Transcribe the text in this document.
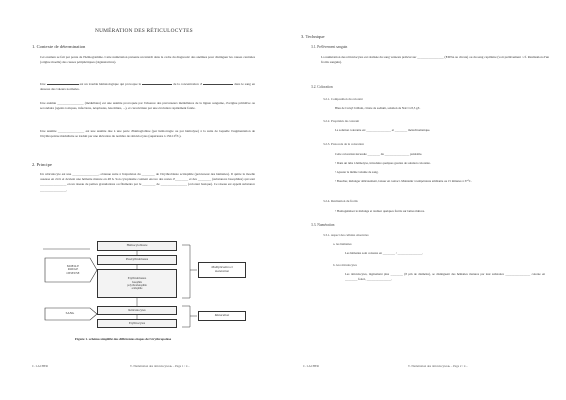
NUMÉRATION DES RÉTICULOCYTES
1. Contexte de détermination
Cet examen se fait par ponte de l'hémogramme. Cette numération présente un intérêt dans le cadre du diagnostic des anémies pour distinguer les causes centrales (origine moelle) des causes périphériques (régénératives).
Une	est un trouble hématologique qui provoque la	de la concentration d'	dans le sang en dessous des valeurs normales.
Une anémie ________________ (médullaire) est une anémie provoquée par l'absence des précurseurs médullaires de la lignée sanguine, d'origine primitive ou secondaire (agents toxiques, infections, néoplasies, leucémies, ...), et caractérisée par une évolution rapidement fatale.
Une anémie ________________ est une anémie due à une perte d'hémoglobine (par hémorragie ou par hémolyse) à la suite de laquelle l'augmentation de l'érythropoïèse médullaire se traduit par une élévation du nombre de réticulocytes (supérieure à 150.10⁹/L).
2. Principe
Un réticulocyte est une ________________, obtenue suite à l'expulsion du ________ de l'érythroblaste acidophile (précurseur des hématies). Il quitte la moelle osseuse en 24 h et devient une hématie mature en 48 h. Son cytoplasme contient encore des restes d'________ et des ________ (substances basophiles) qui sont ________________ en un réseau de petites granulations ou filaments par le ________ de ________________ (colorant basique). Ce réseau est appelé substance ________________.
MOELLE
ROUGE
OSSEUSE
SANG
Hémocytoblaste
Proérythroblastes
Erythroblastes
basophile
polychromatophile
acidophile
Réticulocytes
Erythrocytes
Multiplication et
maturation
Maturation
Figure 1. schéma simplifié des différentes étapes de l'érythropoïèse
C. LACHER	T- Numération des réticulocytes ▸ – Page 1 / 4 –
3. Technique
3.1. Prélèvement sanguin
La numération des réticulocytes est réalisée du sang veineux prélevé sur ________________ (EDTA ou citrate) ou du sang capillaire (voir prélèvement : cf. Réalisation d'un frottis sanguin).
3.2. Coloration
3.2.1. Composition du colorant
Bleu de Crésyl brillant, citrate de sodium, solution de NaCl à 8,5 g/L
3.2.2. Propriétés du colorant
La solution colorante est ________________ et ________ métachromatique.
3.2.3. Protocole de la coloration
Cette coloration nécessite ________ du ________________ préalable.
• Dans un tube à hémolyse, introduire quelques gouttes de solution colorante.
• Ajouter le même volume de sang.
• Boucher, mélanger délicatement, laisser en contact. Maintenir à température ambiante ou 15 minutes à 37°C.
3.2.4. Réalisation du frottis
• Homogénéiser le mélange et réaliser quelques frottis sur lames minces.
3.3. Numération
3.3.1. Aspect des cellules observées
a. les hématies
Les hématies sont colorées en ________ / ________________.
b. les réticulocytes
Les réticulocytes, légèrement plus ________ (8 µm de diamètre), se distinguent des hématies matures par leur substance ________________ colorée en ________ foncé, ________________.
C. LACHER	T- Numération des réticulocytes ▸ – Page 2 / 4 –
